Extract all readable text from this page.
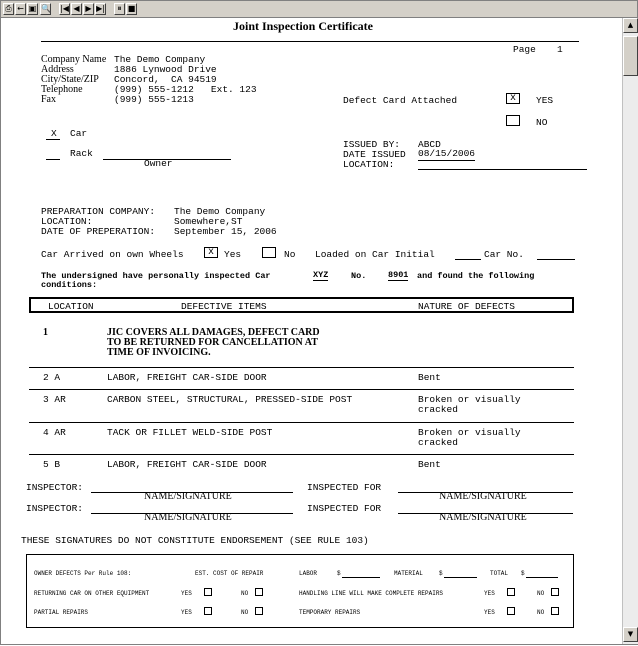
⎙ ← ▣ 🔍 |◀ ◀ ▶ ▶|	⏸ ■
▲
▼
Joint Inspection Certificate
Page 1
Company Name The Demo Company
Address	1886 Lynwood Drive
City/State/ZIP Concord,  CA 94519
Telephone	(999) 555-1212   Ext. 123
Fax	(999) 555-1213	Defect Card Attached	x	YES
NO
X Car
Rack
Owner
ISSUED BY: ABCD
DATE ISSUED 08/15/2006
LOCATION:
PREPARATION COMPANY: The Demo Company
LOCATION:	Somewhere,ST
DATE OF PREPERATION: September 15, 2006
Car Arrived on own Wheels	x	Yes	No Loaded on Car Initial	Car No.
The undersigned have personally inspected Car	XYZ	No.	8901 and found the following
conditions:
LOCATION	DEFECTIVE ITEMS	NATURE OF DEFECTS
1	JIC COVERS ALL DAMAGES, DEFECT CARD
TO BE RETURNED FOR CANCELLATION AT
TIME OF INVOICING.
2 A	LABOR, FREIGHT CAR-SIDE DOOR	Bent
3 AR	CARBON STEEL, STRUCTURAL, PRESSED-SIDE POST	Broken or visually
cracked
4 AR	TACK OR FILLET WELD-SIDE POST	Broken or visually
cracked
5 B	LABOR, FREIGHT CAR-SIDE DOOR	Bent
INSPECTOR:
NAME/SIGNATURE
INSPECTED FOR
NAME/SIGNATURE
INSPECTOR:
NAME/SIGNATURE
INSPECTED FOR
NAME/SIGNATURE
THESE SIGNATURES DO NOT CONSTITUTE ENDORSEMENT (SEE RULE 103)
OWNER DEFECTS Per Rule 108:	EST. COST OF REPAIR	LABOR	$	MATERIAL	$	TOTAL $
RETURNING CAR ON OTHER EQUIPMENT	YES	NO	HANDLING LINE WILL MAKE COMPLETE REPAIRS	YES	NO
PARTIAL REPAIRS	YES	NO	TEMPORARY REPAIRS	YES	NO
